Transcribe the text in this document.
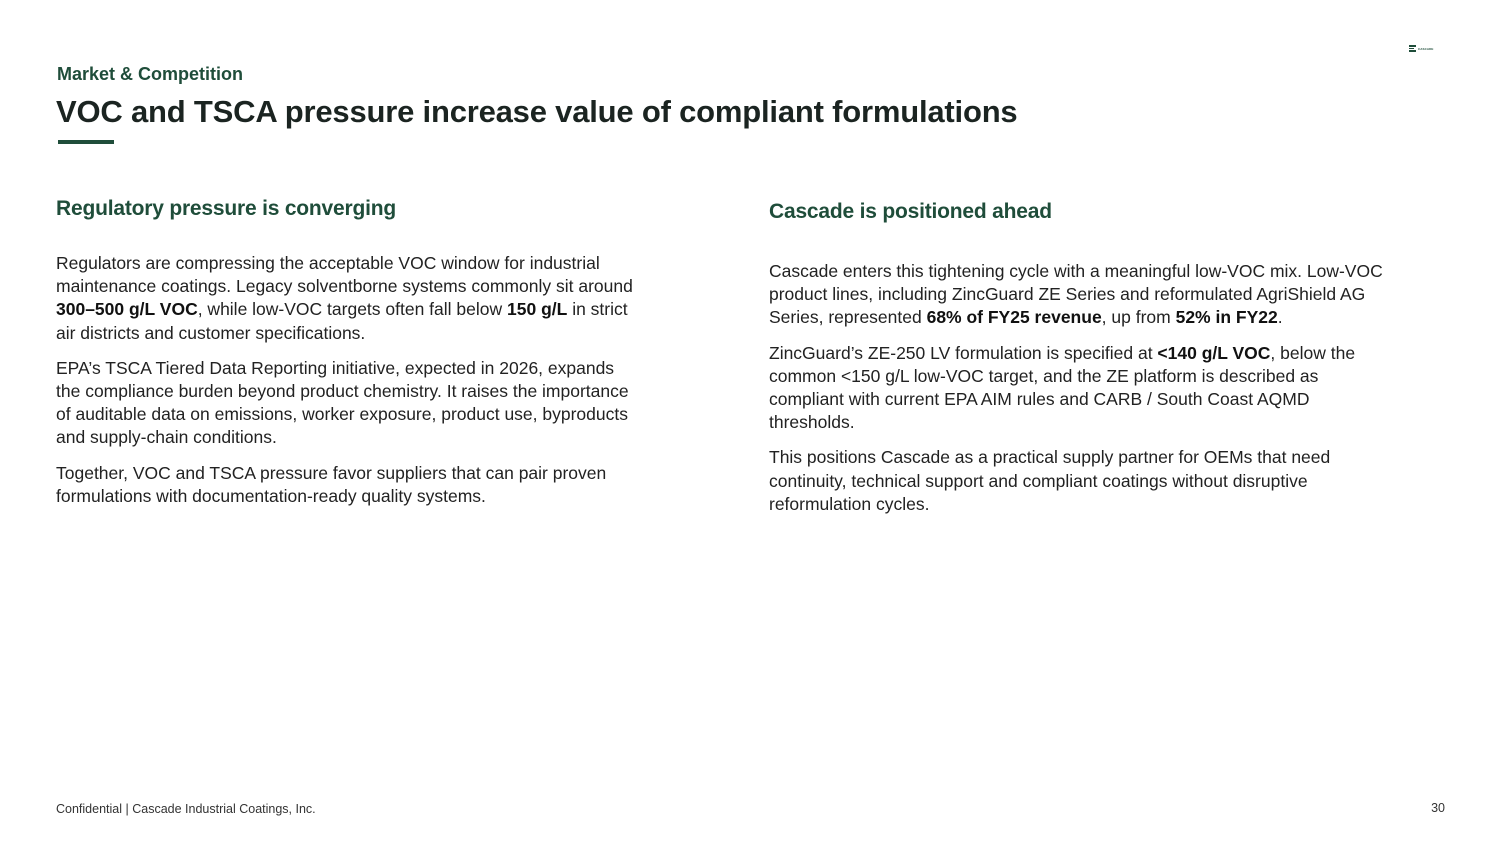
Market & Competition
VOC and TSCA pressure increase value of compliant formulations
CASCADE
Regulatory pressure is converging

Regulators are compressing the acceptable VOC window for industrial maintenance coatings. Legacy solventborne systems commonly sit around 300–500 g/L VOC, while low-VOC targets often fall below 150 g/L in strict air districts and customer specifications.

EPA’s TSCA Tiered Data Reporting initiative, expected in 2026, expands the compliance burden beyond product chemistry. It raises the importance of auditable data on emissions, worker exposure, product use, byproducts and supply-chain conditions.

Together, VOC and TSCA pressure favor suppliers that can pair proven formulations with documentation-ready quality systems.

Cascade is positioned ahead

Cascade enters this tightening cycle with a meaningful low-VOC mix. Low-VOC product lines, including ZincGuard ZE Series and reformulated AgriShield AG Series, represented 68% of FY25 revenue, up from 52% in FY22.

ZincGuard’s ZE-250 LV formulation is specified at <140 g/L VOC, below the common <150 g/L low-VOC target, and the ZE platform is described as compliant with current EPA AIM rules and CARB / South Coast AQMD thresholds.

This positions Cascade as a practical supply partner for OEMs that need continuity, technical support and compliant coatings without disruptive reformulation cycles.

Confidential | Cascade Industrial Coatings, Inc.	30
